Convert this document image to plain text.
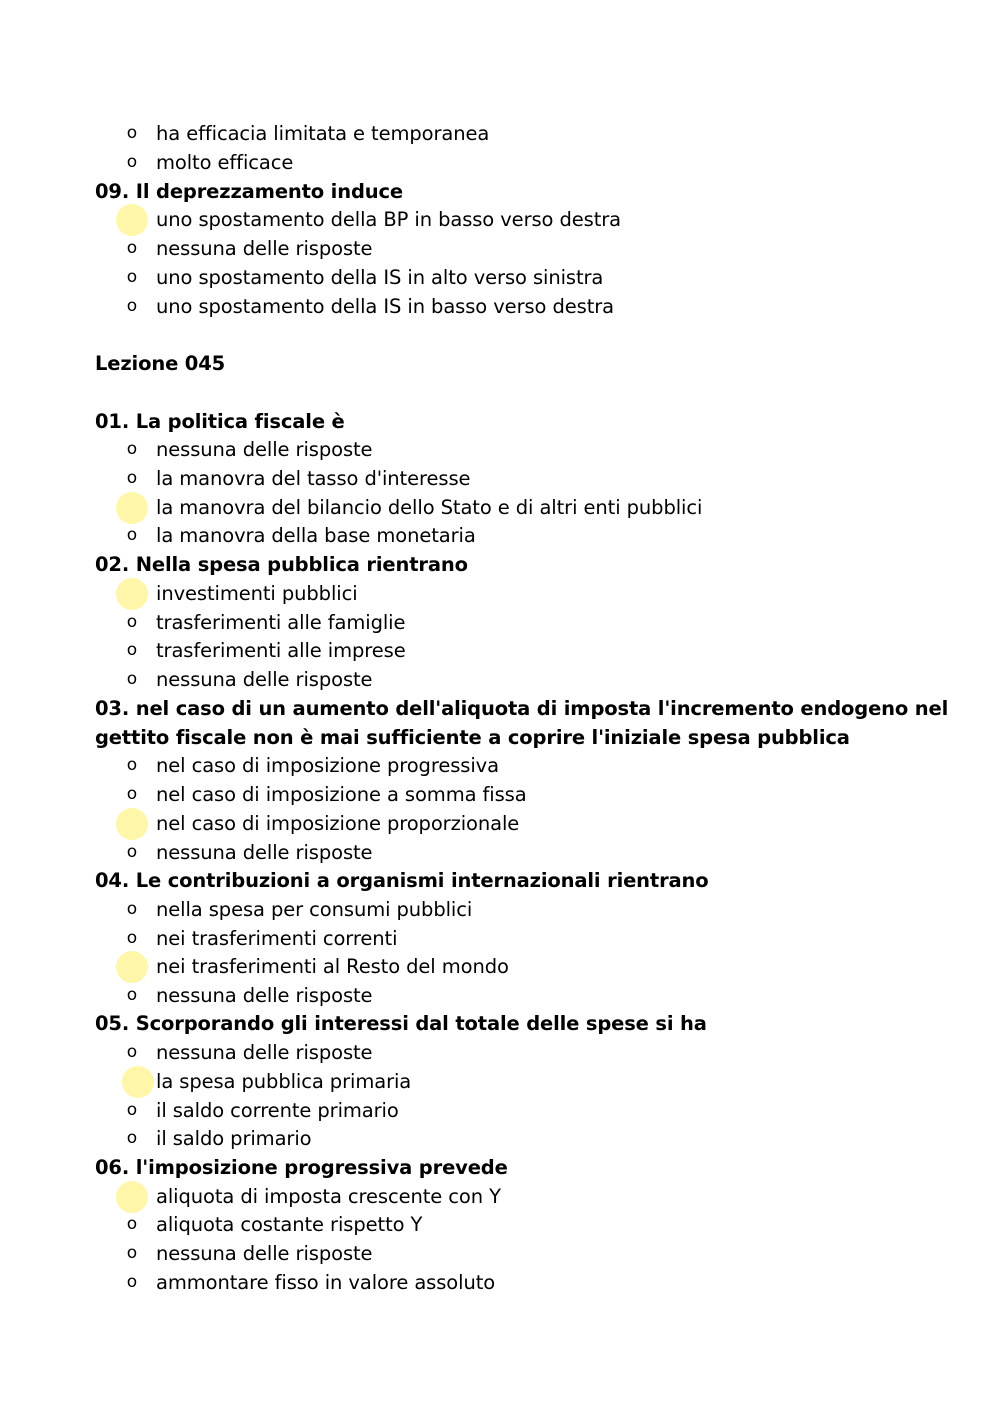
o ha efficacia limitata e temporanea
o molto efficace
09. Il deprezzamento induce
uno spostamento della BP in basso verso destra
o nessuna delle risposte
o uno spostamento della IS in alto verso sinistra
o uno spostamento della IS in basso verso destra
Lezione 045
01. La politica fiscale è
o nessuna delle risposte
o la manovra del tasso d'interesse
la manovra del bilancio dello Stato e di altri enti pubblici
o la manovra della base monetaria
02. Nella spesa pubblica rientrano
investimenti pubblici
o trasferimenti alle famiglie
o trasferimenti alle imprese
o nessuna delle risposte
03. nel caso di un aumento dell'aliquota di imposta l'incremento endogeno nel
gettito fiscale non è mai sufficiente a coprire l'iniziale spesa pubblica
o nel caso di imposizione progressiva
o nel caso di imposizione a somma fissa
nel caso di imposizione proporzionale
o nessuna delle risposte
04. Le contribuzioni a organismi internazionali rientrano
o nella spesa per consumi pubblici
o nei trasferimenti correnti
nei trasferimenti al Resto del mondo
o nessuna delle risposte
05. Scorporando gli interessi dal totale delle spese si ha
o nessuna delle risposte
la spesa pubblica primaria
o il saldo corrente primario
o il saldo primario
06. l'imposizione progressiva prevede
aliquota di imposta crescente con Y
o aliquota costante rispetto Y
o nessuna delle risposte
o ammontare fisso in valore assoluto
